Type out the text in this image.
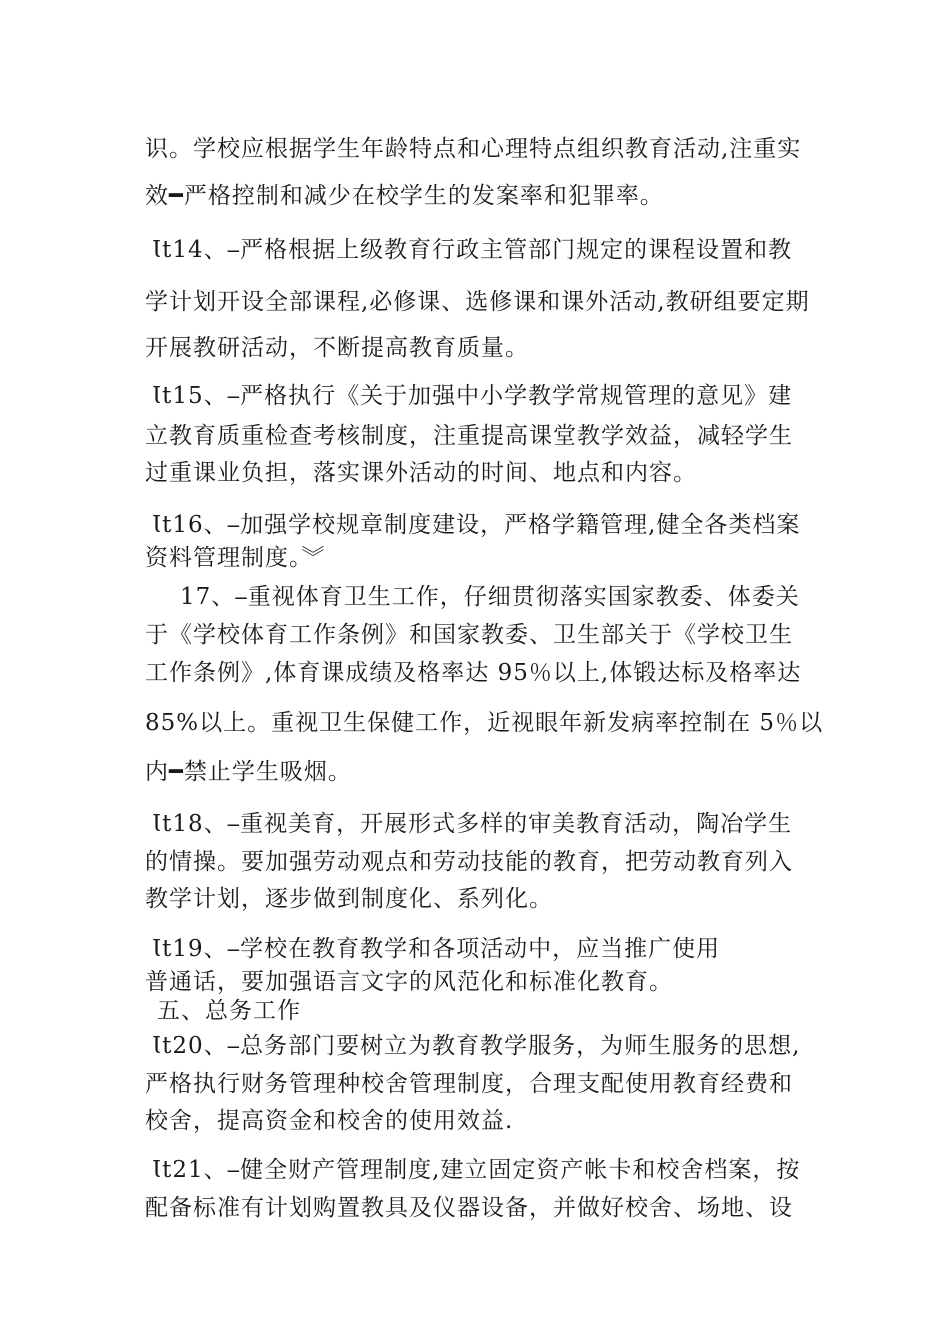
识。学校应根据学生年龄特点和心理特点组织教育活动,注重实
效━严格控制和减少在校学生的发案率和犯罪率。
Ɩt14、⎯严格根据上级教育行政主管部门规定的课程设置和教
学计划开设全部课程,必修课、选修课和课外活动,教研组要定期
开展教研活动，不断提高教育质量。
Ɩt15、⎯严格执行《关于加强中小学教学常规管理的意见》建
立教育质重检查考核制度，注重提高课堂教学效益，减轻学生
过重课业负担，落实课外活动的时间、地点和内容。
Ɩt16、⎯加强学校规章制度建设，严格学籍管理,健全各类档案
资料管理制度。︾
17、⎯重视体育卫生工作，仔细贯彻落实国家教委、体委关
于《学校体育工作条例》和国家教委、卫生部关于《学校卫生
工作条例》,体育课成绩及格率达 95％以上,体锻达标及格率达
85%以上。重视卫生保健工作，近视眼年新发病率控制在 5％以
内━禁止学生吸烟。
Ɩt18、⎯重视美育，开展形式多样的审美教育活动，陶冶学生
的情操。要加强劳动观点和劳动技能的教育，把劳动教育列入
教学计划，逐步做到制度化、系列化。
Ɩt19、⎯学校在教育教学和各项活动中，应当推广使用
普通话，要加强语言文字的风范化和标准化教育。
五、总务工作
Ɩt20、⎯总务部门要树立为教育教学服务，为师生服务的思想,
严格执行财务管理种校舍管理制度，合理支配使用教育经费和
校舍，提高资金和校舍的使用效益.
Ɩt21、⎯健全财产管理制度,建立固定资产帐卡和校舍档案，按
配备标准有计划购置教具及仪器设备，并做好校舍、场地、设
